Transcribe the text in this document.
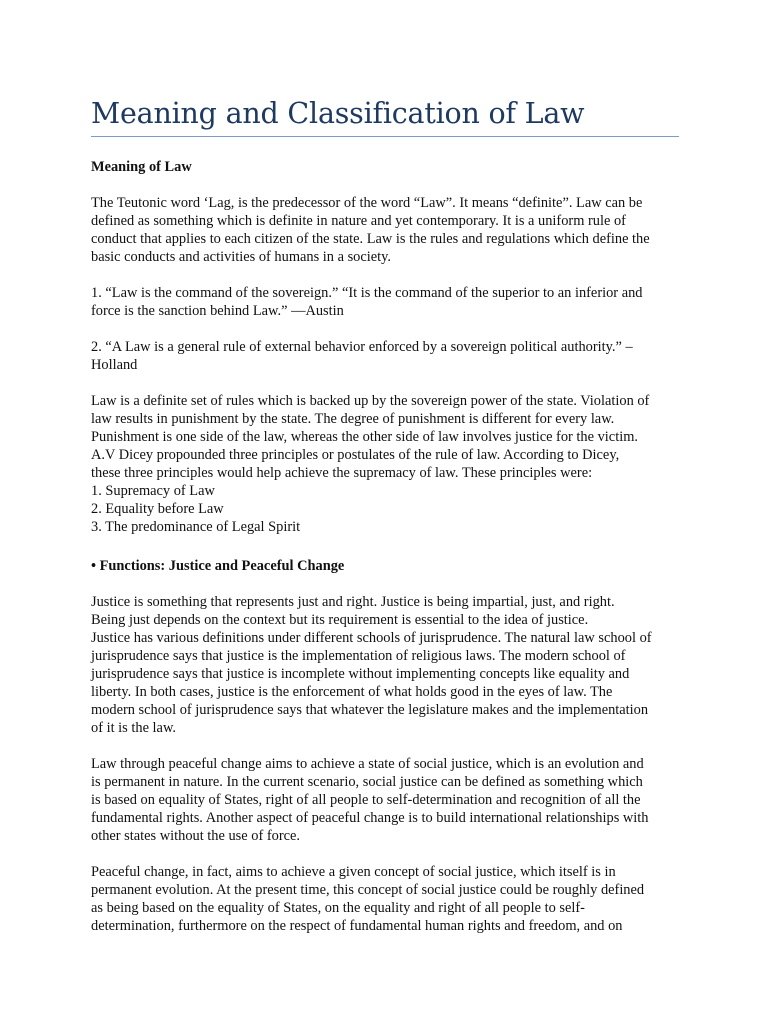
Meaning and Classification of Law
Meaning of Law
The Teutonic word ‘Lag, is the predecessor of the word “Law”. It means “definite”. Law can be
defined as something which is definite in nature and yet contemporary. It is a uniform rule of
conduct that applies to each citizen of the state. Law is the rules and regulations which define the
basic conducts and activities of humans in a society.
1. “Law is the command of the sovereign.” “It is the command of the superior to an inferior and
force is the sanction behind Law.” —Austin
2. “A Law is a general rule of external behavior enforced by a sovereign political authority.” –
Holland
Law is a definite set of rules which is backed up by the sovereign power of the state. Violation of
law results in punishment by the state. The degree of punishment is different for every law.
Punishment is one side of the law, whereas the other side of law involves justice for the victim.
A.V Dicey propounded three principles or postulates of the rule of law. According to Dicey,
these three principles would help achieve the supremacy of law. These principles were:
1. Supremacy of Law
2. Equality before Law
3. The predominance of Legal Spirit
• Functions: Justice and Peaceful Change
Justice is something that represents just and right. Justice is being impartial, just, and right.
Being just depends on the context but its requirement is essential to the idea of justice.
Justice has various definitions under different schools of jurisprudence. The natural law school of
jurisprudence says that justice is the implementation of religious laws. The modern school of
jurisprudence says that justice is incomplete without implementing concepts like equality and
liberty. In both cases, justice is the enforcement of what holds good in the eyes of law. The
modern school of jurisprudence says that whatever the legislature makes and the implementation
of it is the law.
Law through peaceful change aims to achieve a state of social justice, which is an evolution and
is permanent in nature. In the current scenario, social justice can be defined as something which
is based on equality of States, right of all people to self-determination and recognition of all the
fundamental rights. Another aspect of peaceful change is to build international relationships with
other states without the use of force.
Peaceful change, in fact, aims to achieve a given concept of social justice, which itself is in
permanent evolution. At the present time, this concept of social justice could be roughly defined
as being based on the equality of States, on the equality and right of all people to self-
determination, furthermore on the respect of fundamental human rights and freedom, and on
